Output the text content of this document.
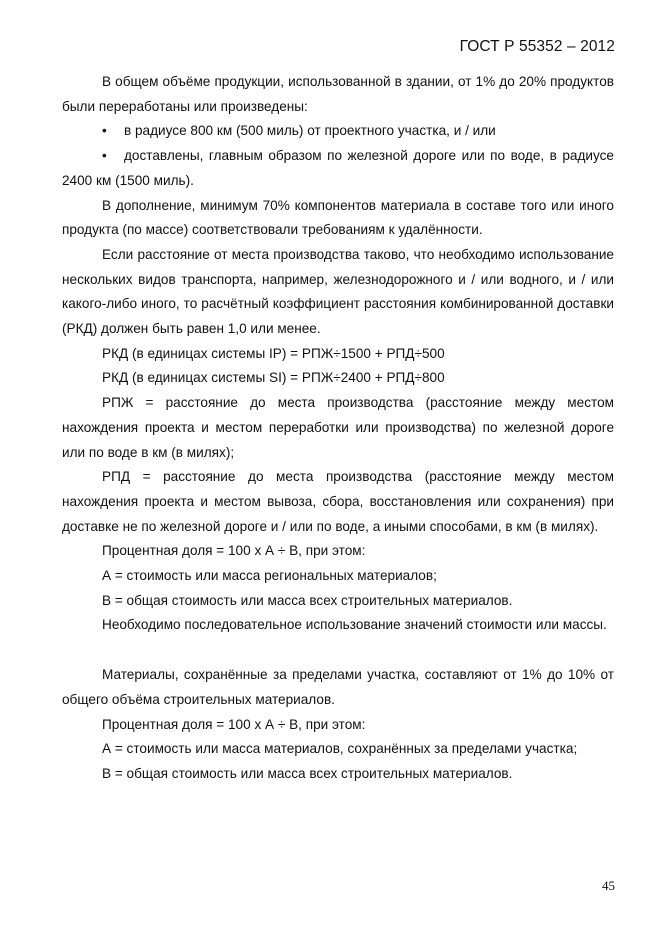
ГОСТ Р 55352 – 2012

В общем объёме продукции, использованной в здании, от 1% до 20% продуктов были переработаны или произведены:

• в радиусе 800 км (500 миль) от проектного участка, и / или

• доставлены, главным образом по железной дороге или по воде, в радиусе 2400 км (1500 миль).

В дополнение, минимум 70% компонентов материала в составе того или иного продукта (по массе) соответствовали требованиям к удалённости.

Если расстояние от места производства таково, что необходимо использование нескольких видов транспорта, например, железнодорожного и / или водного, и / или какого-либо иного, то расчётный коэффициент расстояния комбинированной доставки (РКД) должен быть равен 1,0 или менее.

РКД (в единицах системы IP) = РПЖ÷1500 + РПД÷500

РКД (в единицах системы SI) = РПЖ÷2400 + РПД÷800

РПЖ = расстояние до места производства (расстояние между местом нахождения проекта и местом переработки или производства) по железной дороге или по воде в км (в милях);

РПД = расстояние до места производства (расстояние между местом нахождения проекта и местом вывоза, сбора, восстановления или сохранения) при доставке не по железной дороге и / или по воде, а иными способами, в км (в милях).

Процентная доля = 100 х А ÷ В, при этом:

А = стоимость или масса региональных материалов;

В = общая стоимость или масса всех строительных материалов.

Необходимо последовательное использование значений стоимости или массы.

Материалы, сохранённые за пределами участка, составляют от 1% до 10% от общего объёма строительных материалов.

Процентная доля = 100 х А ÷ В, при этом:

А = стоимость или масса материалов, сохранённых за пределами участка;

В = общая стоимость или масса всех строительных материалов.

45
